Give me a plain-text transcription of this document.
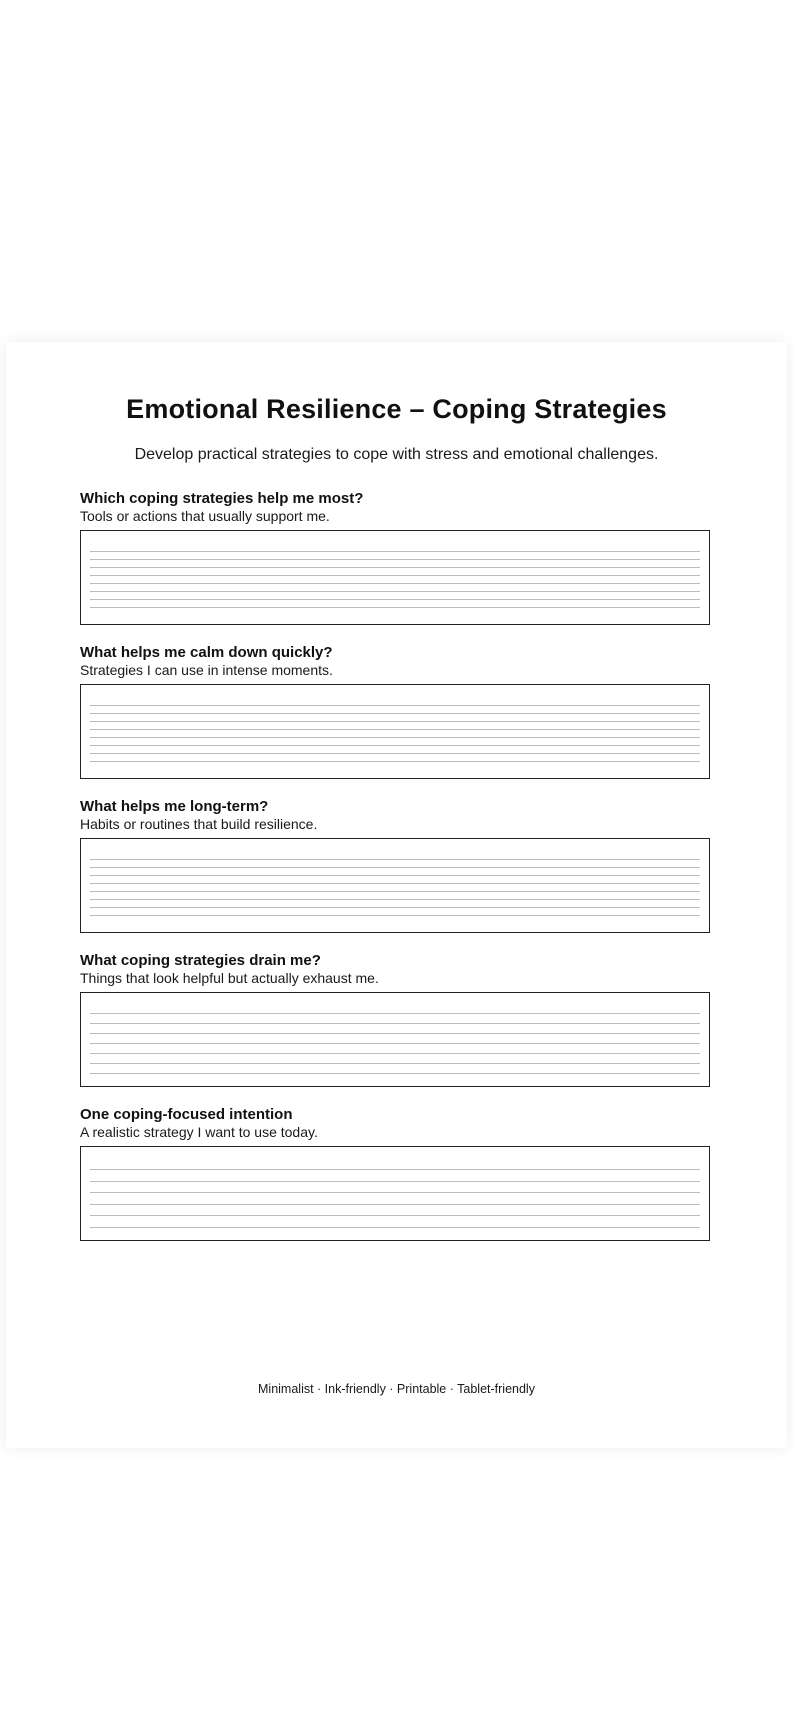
Emotional Resilience – Coping Strategies
Develop practical strategies to cope with stress and emotional challenges.
Which coping strategies help me most?
Tools or actions that usually support me.
What helps me calm down quickly?
Strategies I can use in intense moments.
What helps me long-term?
Habits or routines that build resilience.
What coping strategies drain me?
Things that look helpful but actually exhaust me.
One coping-focused intention
A realistic strategy I want to use today.
Minimalist · Ink-friendly · Printable · Tablet-friendly
